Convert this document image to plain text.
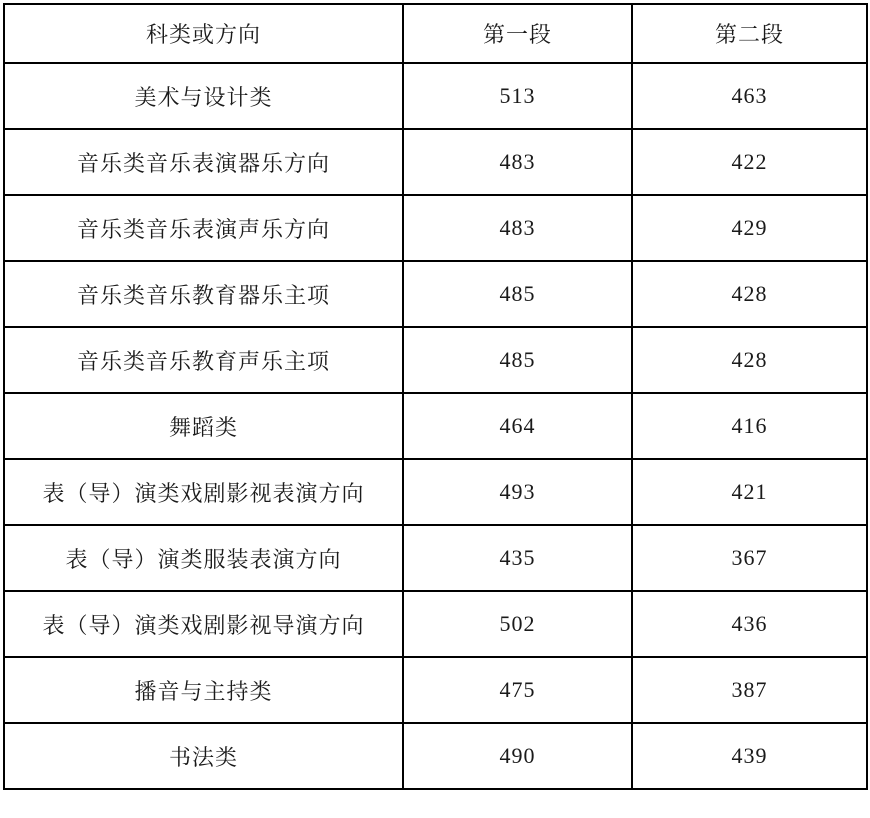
科类或方向	第一段	第二段
美术与设计类	513	463
音乐类音乐表演器乐方向	483	422
音乐类音乐表演声乐方向	483	429
音乐类音乐教育器乐主项	485	428
音乐类音乐教育声乐主项	485	428
舞蹈类	464	416
表（导）演类戏剧影视表演方向	493	421
表（导）演类服装表演方向	435	367
表（导）演类戏剧影视导演方向	502	436
播音与主持类	475	387
书法类	490	439
